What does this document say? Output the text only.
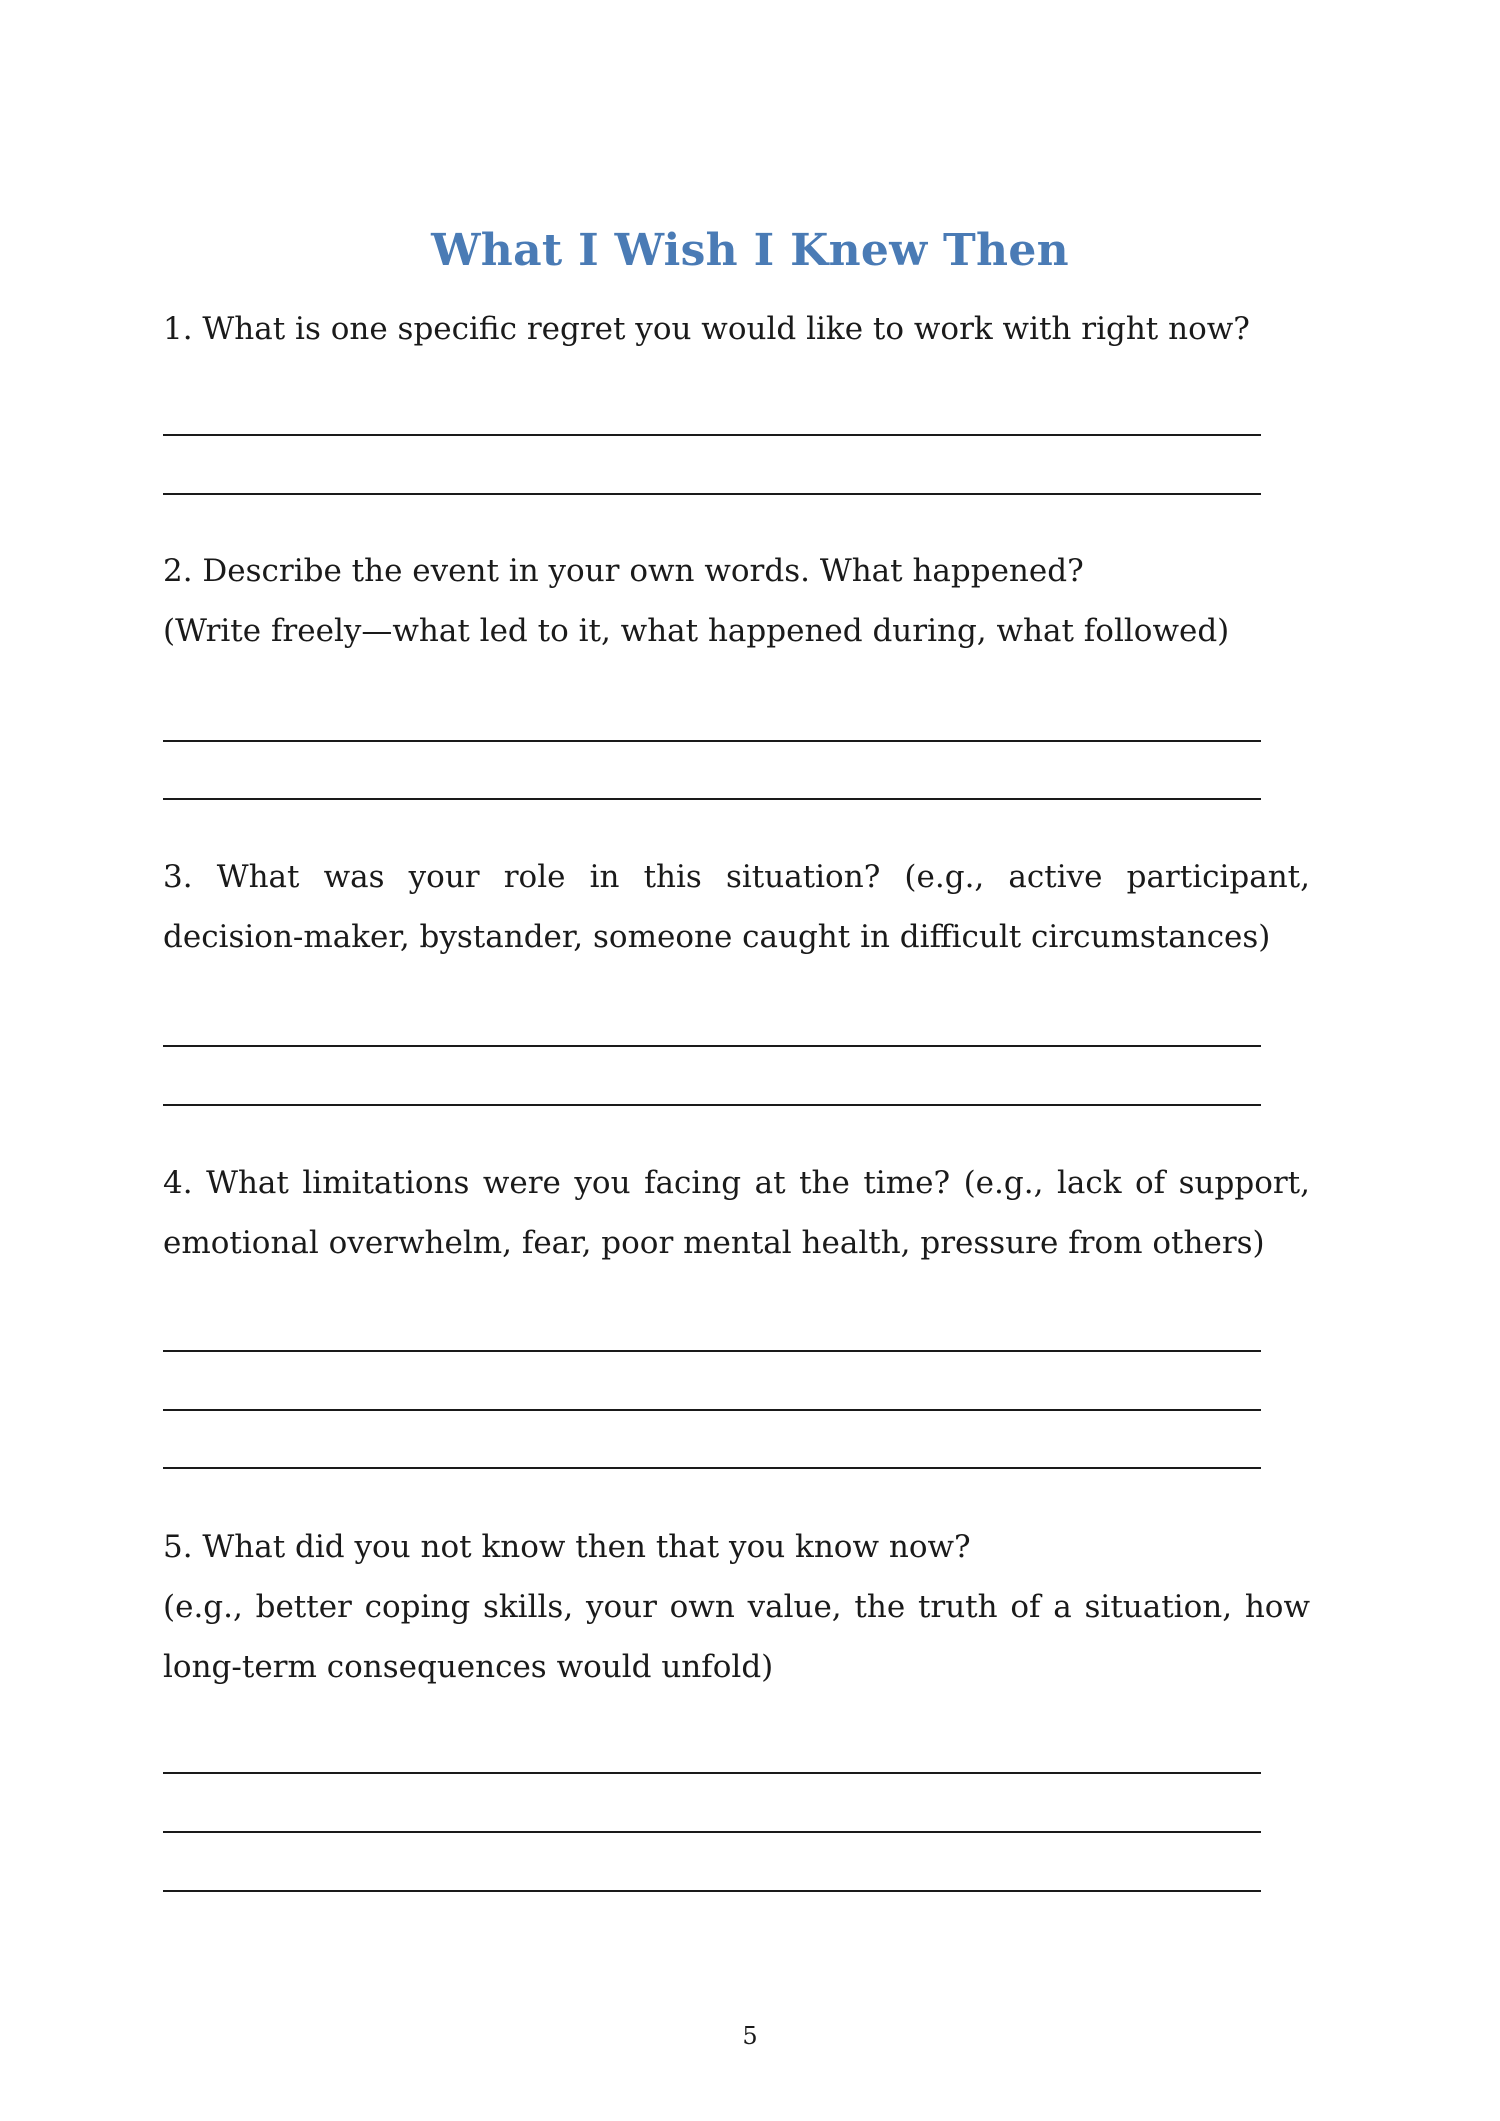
What I Wish I Knew Then

1. What is one specific regret you would like to work with right now?

2. Describe the event in your own words. What happened?

(Write freely—what led to it, what happened during, what followed)

3. What was your role in this situation? (e.g., active participant, decision-maker, bystander, someone caught in difficult circumstances)

4. What limitations were you facing at the time? (e.g., lack of support, emotional overwhelm, fear, poor mental health, pressure from others)

5. What did you not know then that you know now?

(e.g., better coping skills, your own value, the truth of a situation, how long-term consequences would unfold)

5
